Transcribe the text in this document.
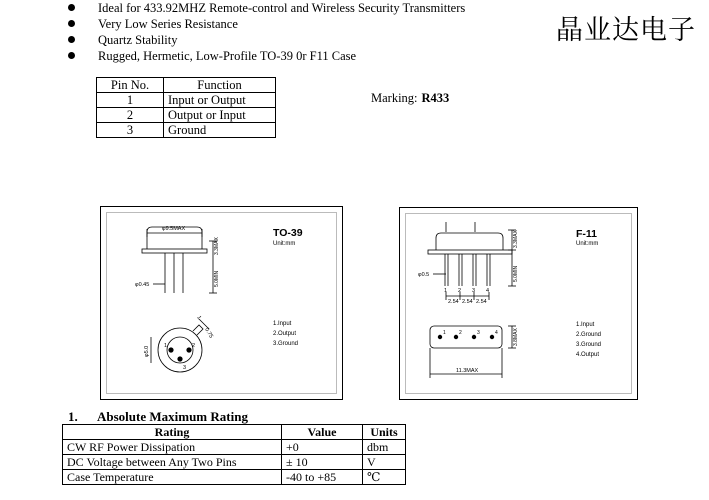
Ideal for 433.92MHZ Remote-control and Wireless Security Transmitters
Very Low Series Resistance
Quartz Stability
Rugged, Hermetic, Low-Profile TO-39 0r F11 Case
晶业达电子
Pin No.	Function
1	Input or Output
2	Output or Input
3	Ground
Marking: R433
φ9.5MAX
3.3MAX
5.0MIN
φ0.45
φ5.0
1
0.75
1	2
3
TO-39
Unit:mm
1.Input
2.Output
3.Ground
3.3MAX
5.0MIN
φ0.5
1 2 3 4
2.54 2.54 2.54
1	2	3	4
11.3MAX
3.8MAX
F-11
Unit:mm
1.Input
2.Ground
3.Ground
4.Output
1. Absolute Maximum Rating
Rating	Value	Units
CW RF Power Dissipation	+0	dbm
DC Voltage between Any Two Pins	± 10	V
Case Temperature	-40 to +85	℃
